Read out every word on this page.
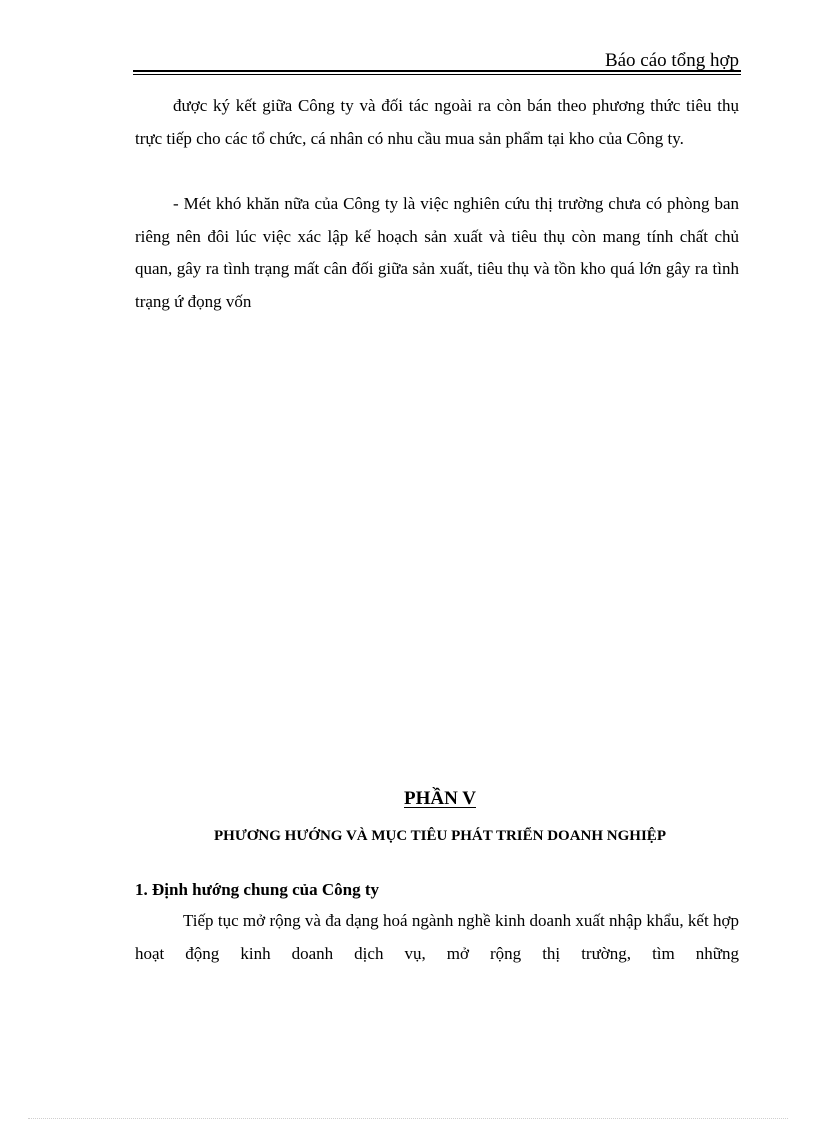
Báo cáo tổng hợp

được ký kết giữa Công ty và đối tác ngoài ra còn bán theo phương thức tiêu thụ trực tiếp cho các tổ chức, cá nhân có nhu cầu mua sản phẩm tại kho của Công ty.

- Mét khó khăn nữa của Công ty là việc nghiên cứu thị trường chưa có phòng ban riêng nên đôi lúc việc xác lập kế hoạch sản xuất và tiêu thụ còn mang tính chất chủ quan, gây ra tình trạng mất cân đối giữa sản xuất, tiêu thụ và tồn kho quá lớn gây ra tình trạng ứ đọng vốn

PHẦN V
PHƯƠNG HƯỚNG VÀ MỤC TIÊU PHÁT TRIỂN DOANH NGHIỆP
1. Định hướng chung của Công ty

Tiếp tục mở rộng và đa dạng hoá ngành nghề kinh doanh xuất nhập khẩu, kết hợp hoạt động kinh doanh dịch vụ, mở rộng thị trường, tìm những
